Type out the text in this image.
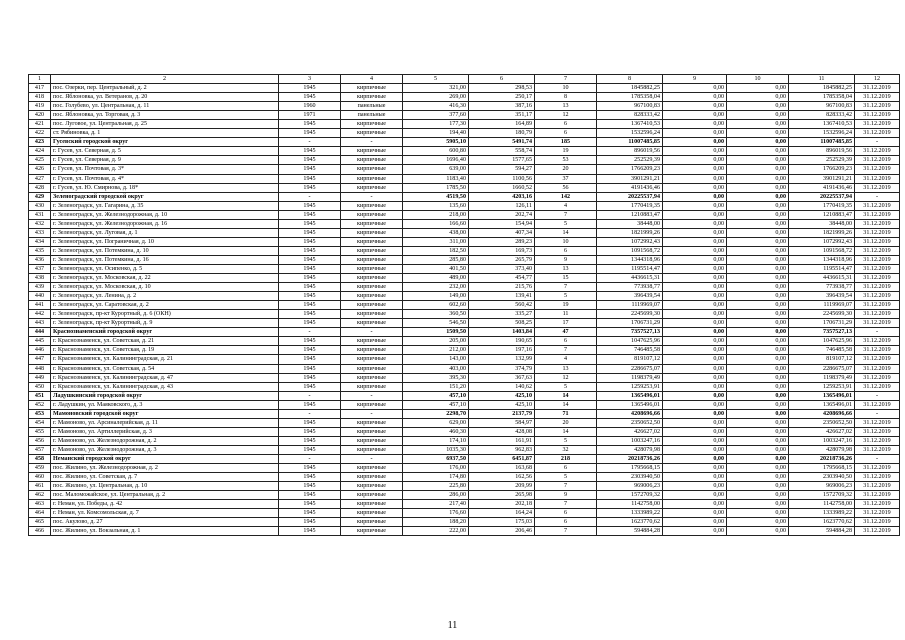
1	2	3	4	5	6	7	8	9	10	11	12
417	пос. Озерки, пер. Центральный, д. 2	1945	кирпичные	321,00	298,53	10	1845882,25	0,00	0,00	1845882,25	31.12.2019
418	пос. Яблоновка, ул. Ветеранов, д. 20	1945	кирпичные	269,00	250,17	8	1785358,04	0,00	0,00	1785358,04	31.12.2019
419	пос. Голубево, ул. Центральная, д. 11	1960	панельные	416,30	387,16	13	967100,83	0,00	0,00	967100,83	31.12.2019
420	пос. Яблоновка, ул. Торговая, д. 3	1971	панельные	377,60	351,17	12	828333,42	0,00	0,00	828333,42	31.12.2019
421	пос. Луговое, ул. Центральная, д. 25	1945	кирпичные	177,30	164,89	6	1367410,53	0,00	0,00	1367410,53	31.12.2019
422	ст. Рябиновка, д. 1	1945	кирпичные	194,40	180,79	6	1532596,24	0,00	0,00	1532596,24	31.12.2019
423	Гусевский городской округ	-	-	5905,10	5491,74	185	11007485,85	0,00	0,00	11007485,85	-
424	г. Гусев, ул. Северная, д. 5	1945	кирпичные	600,80	558,74	19	896019,56	0,00	0,00	896019,56	31.12.2019
425	г. Гусев, ул. Северная, д. 9	1945	кирпичные	1696,40	1577,65	53	252529,39	0,00	0,00	252529,39	31.12.2019
426	г. Гусев, ул. Почтовая, д. 3*	1945	кирпичные	639,00	594,27	20	1766209,23	0,00	0,00	1766209,23	31.12.2019
427	г. Гусев, ул. Почтовая, д. 4*	1945	кирпичные	1183,40	1100,56	37	3901291,21	0,00	0,00	3901291,21	31.12.2019
428	г. Гусев, ул. Ю. Смирнова, д. 18*	1945	кирпичные	1785,50	1660,52	56	4191436,46	0,00	0,00	4191436,46	31.12.2019
429	Зеленоградский городской округ	-	-	4519,50	4203,16	142	20225537,94	0,00	0,00	20225537,94	-
430	г. Зеленоградск, ул. Гагарина, д. 35	1945	кирпичные	135,60	126,11	4	1770419,35	0,00	0,00	1770419,35	31.12.2019
431	г. Зеленоградск, ул. Железнодорожная, д. 10	1945	кирпичные	218,00	202,74	7	1210883,47	0,00	0,00	1210883,47	31.12.2019
432	г. Зеленоградск, ул. Железнодорожная, д. 16	1945	кирпичные	166,60	154,94	5	38448,00	0,00	0,00	38448,00	31.12.2019
433	г. Зеленоградск, ул. Луговая, д. 1	1945	кирпичные	438,00	407,34	14	1821999,26	0,00	0,00	1821999,26	31.12.2019
434	г. Зеленоградск, ул. Пограничная, д. 10	1945	кирпичные	311,00	289,23	10	1072992,43	0,00	0,00	1072992,43	31.12.2019
435	г. Зеленоградск, ул. Потемкина, д. 10	1945	кирпичные	182,50	169,73	6	1091568,72	0,00	0,00	1091568,72	31.12.2019
436	г. Зеленоградск, ул. Потемкина, д. 16	1945	кирпичные	285,80	265,79	9	1344318,96	0,00	0,00	1344318,96	31.12.2019
437	г. Зеленоградск, ул. Осипенко, д. 5	1945	кирпичные	401,50	373,40	13	1195514,47	0,00	0,00	1195514,47	31.12.2019
438	г. Зеленоградск, ул. Московская, д. 22	1945	кирпичные	489,00	454,77	15	4436615,31	0,00	0,00	4436615,31	31.12.2019
439	г. Зеленоградск, ул. Московская, д. 10	1945	кирпичные	232,00	215,76	7	773938,77	0,00	0,00	773938,77	31.12.2019
440	г. Зеленоградск, ул. Ленина, д. 2	1945	кирпичные	149,00	139,41	5	396439,54	0,00	0,00	396439,54	31.12.2019
441	г. Зеленоградск, ул. Саратовская, д. 2	1945	кирпичные	602,60	560,42	19	1119969,07	0,00	0,00	1119969,07	31.12.2019
442	г. Зеленоградск, пр-кт Курортный, д. 6 (ОКН)	1945	кирпичные	360,50	335,27	11	2245699,30	0,00	0,00	2245699,30	31.12.2019
443	г. Зеленоградск, пр-кт Курортный, д. 9	1945	кирпичные	546,50	508,25	17	1706731,29	0,00	0,00	1706731,29	31.12.2019
444	Краснознаменский городской округ	-	-	1509,50	1403,84	47	7357527,13	0,00	0,00	7357527,13	-
445	г. Краснознаменск, ул. Советская, д. 21	1945	кирпичные	205,00	190,65	6	1047625,96	0,00	0,00	1047625,96	31.12.2019
446	г. Краснознаменск, ул. Советская, д. 19	1945	кирпичные	212,00	197,16	7	746485,58	0,00	0,00	746485,58	31.12.2019
447	г. Краснознаменск, ул. Калининградская, д. 21	1945	кирпичные	143,00	132,99	4	819107,12	0,00	0,00	819107,12	31.12.2019
448	г. Краснознаменск, ул. Советская, д. 54	1945	кирпичные	403,00	374,79	13	2286675,07	0,00	0,00	2286675,07	31.12.2019
449	г. Краснознаменск, ул. Калининградская, д. 47	1945	кирпичные	395,30	367,63	12	1198379,49	0,00	0,00	1198379,49	31.12.2019
450	г. Краснознаменск, ул. Калининградская, д. 43	1945	кирпичные	151,20	140,62	5	1259253,91	0,00	0,00	1259253,91	31.12.2019
451	Ладушкинский городской округ	-	-	457,10	425,10	14	1365496,01	0,00	0,00	1365496,01	-
452	г. Ладушкин, ул. Маяковского, д. 3	1945	кирпичные	457,10	425,10	14	1365496,01	0,00	0,00	1365496,01	31.12.2019
453	Мамоновский городской округ	-	-	2298,70	2137,79	71	4208696,66	0,00	0,00	4208696,66	-
454	г. Мамоново, ул. Арсиналерийская, д. 11	1945	кирпичные	629,00	584,97	20	2350652,50	0,00	0,00	2350652,50	31.12.2019
455	г. Мамоново, ул. Артиллерийская, д. 3	1945	кирпичные	460,30	428,08	14	426627,02	0,00	0,00	426627,02	31.12.2019
456	г. Мамоново, ул. Железнодорожная, д. 2	1945	кирпичные	174,10	161,91	5	1003247,16	0,00	0,00	1003247,16	31.12.2019
457	г. Мамоново, ул. Железнодорожная, д. 3	1945	кирпичные	1035,30	962,83	32	428079,98	0,00	0,00	428079,98	31.12.2019
458	Неманский городской округ	-	-	6937,50	6451,87	218	20218736,26	0,00	0,00	20218736,26	-
459	пос. Жилино, ул. Железнодорожная, д. 2	1945	кирпичные	176,00	163,68	6	1795668,15	0,00	0,00	1795668,15	31.12.2019
460	пос. Жилино, ул. Советская, д. 7	1945	кирпичные	174,80	162,56	5	2303940,50	0,00	0,00	2303940,50	31.12.2019
461	пос. Жилино, ул. Центральная, д. 10	1945	кирпичные	225,80	209,99	7	969006,23	0,00	0,00	969006,23	31.12.2019
462	пос. Маломожайское, ул. Центральная, д. 2	1945	кирпичные	286,00	265,98	9	1572709,32	0,00	0,00	1572709,32	31.12.2019
463	г. Неман, ул. Победы, д. 42	1945	кирпичные	217,40	202,18	7	1142758,00	0,00	0,00	1142758,00	31.12.2019
464	г. Неман, ул. Комсомольская, д. 7	1945	кирпичные	176,60	164,24	6	1333989,22	0,00	0,00	1333989,22	31.12.2019
465	пос. Акулово, д. 27	1945	кирпичные	188,20	175,03	6	1623770,62	0,00	0,00	1623770,62	31.12.2019
466	пос. Жилино, ул. Вокзальная, д. 1	1945	кирпичные	222,00	206,46	7	594884,28	0,00	0,00	594884,28	31.12.2019
11
